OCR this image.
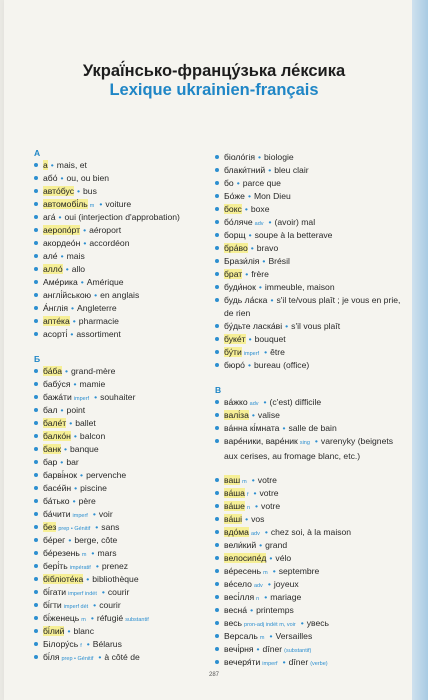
Украї́нсько-францу́зька ле́ксика
Lexique ukrainien-français
А
а • mais, et
або́ • ou, ou bien
авто́бус • bus
автомобі́ль m • voiture
ага́ • oui (interjection d'approbation)
аеропо́рт • aéroport
акордео́н • accordéon
але́ • mais
алло́ • allo
Аме́рика • Amérique
англі́йською • en anglais
А́нглія • Angleterre
апте́ка • pharmacie
асорті́ • assortiment
Б
ба́ба • grand-mère
бабу́ся • mamie
бажа́ти imperf • souhaiter
бал • point
бале́т • ballet
балко́н • balcon
банк • banque
бар • bar
барві́нок • pervenche
басе́йн • piscine
ба́тько • père
ба́чити imperf • voir
без prep • Génitif • sans
бе́рег • berge, côte
бе́резень m • mars
бері́ть impératif • prenez
бібліоте́ка • bibliothèque
бі́гати imperf indét • courir
бі́гти imperf dét • courir
бі́женець m • réfugié substantif
бі́лий • blanc
Білору́сь f • Bélarus
бі́ля prep • Génitif • à côté de
біоло́гія • biologie
блаки́тний • bleu clair
бо • parce que
Бо́же • Mon Dieu
бокс • boxe
бо́ляче adv • (avoir) mal
борщ • soupe à la betterave
бра́во • bravo
Брази́лія • Brésil
брат • frère
буди́нок • immeuble, maison
будь ла́ска • s'il te/vous plaît ; je vous en prie, de rien
бу́дьте ласка́ві • s'il vous plaît
буке́т • bouquet
бу́ти imperf • être
бюро́ • bureau (office)
В
ва́жко adv • (c'est) difficile
валі́за • valise
ва́нна кі́мната • salle de bain
варе́ники, варе́ник sing • varenyky (beignets aux cerises, au fromage blanc, etc.)
ваш m • votre
ва́ша f • votre
ва́ше n • votre
ва́ші • vos
вдо́ма adv • chez soi, à la maison
вели́кий • grand
велосипе́д • vélo
ве́ресень m • septembre
ве́село adv • joyeux
весі́лля n • mariage
весна́ • printemps
весь pron-adj indét m, voir • увесь
Версаль m • Versailles
вечі́рня • dîner (substantif)
вечеря́ти imperf • dîner (verbe)
287
